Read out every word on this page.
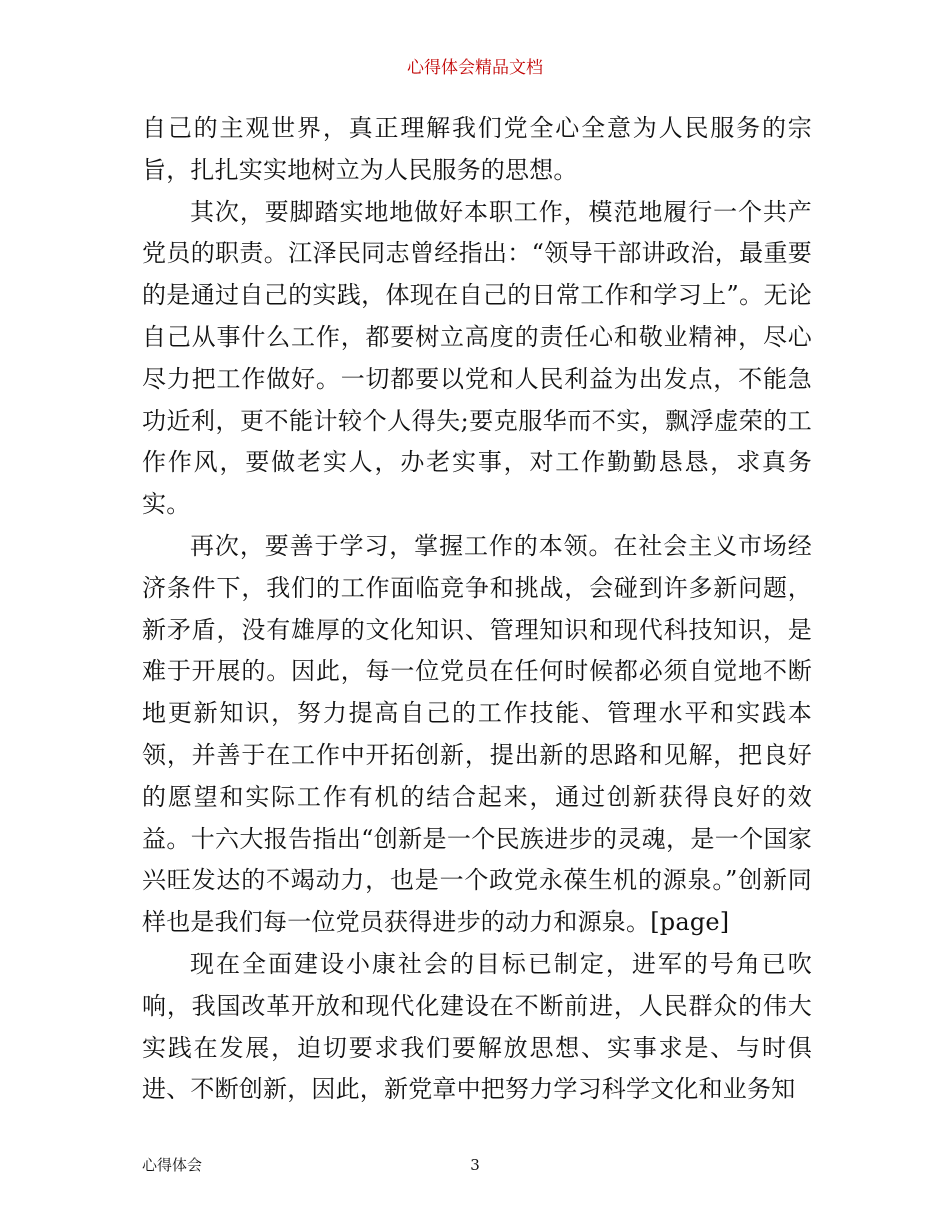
心得体会精品文档

自己的主观世界，真正理解我们党全心全意为人民服务的宗旨，扎扎实实地树立为人民服务的思想。

其次，要脚踏实地地做好本职工作，模范地履行一个共产党员的职责。江泽民同志曾经指出：“领导干部讲政治，最重要的是通过自己的实践，体现在自己的日常工作和学习上”。无论自己从事什么工作，都要树立高度的责任心和敬业精神，尽心尽力把工作做好。一切都要以党和人民利益为出发点，不能急功近利，更不能计较个人得失;要克服华而不实，飘浮虚荣的工作作风，要做老实人，办老实事，对工作勤勤恳恳，求真务实。

再次，要善于学习，掌握工作的本领。在社会主义市场经济条件下，我们的工作面临竞争和挑战，会碰到许多新问题，新矛盾，没有雄厚的文化知识、管理知识和现代科技知识，是难于开展的。因此，每一位党员在任何时候都必须自觉地不断地更新知识，努力提高自己的工作技能、管理水平和实践本领，并善于在工作中开拓创新，提出新的思路和见解，把良好的愿望和实际工作有机的结合起来，通过创新获得良好的效益。十六大报告指出“创新是一个民族进步的灵魂，是一个国家兴旺发达的不竭动力，也是一个政党永葆生机的源泉。”创新同样也是我们每一位党员获得进步的动力和源泉。[page]

现在全面建设小康社会的目标已制定，进军的号角已吹响，我国改革开放和现代化建设在不断前进，人民群众的伟大实践在发展，迫切要求我们要解放思想、实事求是、与时俱进、不断创新，因此，新党章中把努力学习科学文化和业务知

心得体会	3
